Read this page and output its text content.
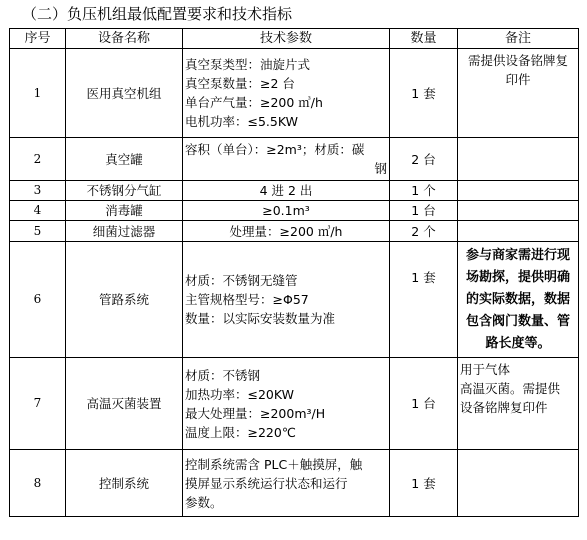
（二）负压机组最低配置要求和技术指标
序号	设备名称	技术参数	数量	备注
1	医用真空机组	真空泵类型：油旋片式
真空泵数量：≥2 台
单台产气量：≥200 ㎥/h
电机功率：≤5.5KW	1 套	需提供设备铭牌复
印件

2	真空罐	容积（单台）：≥2m³；材质：碳
钢	2 台	
3	不锈钢分气缸	4 进 2 出	1 个	
4	消毒罐	≥0.1m³	1 台	
5	细菌过滤器	处理量：≥200 ㎥/h	2 个	
6	管路系统	材质：不锈钢无缝管
主管规格型号：≥Φ57
数量：以实际安装数量为准	1 套	参与商家需进行现
场勘探，提供明确
的实际数据，数据
包含阀门数量、管
路长度等。

7	高温灭菌装置	材质：不锈钢
加热功率：≤20KW
最大处理量：≥200m³/H
温度上限：≥220℃	1 台	用于气体
高温灭菌。需提供
设备铭牌复印件

8	控制系统	控制系统需含 PLC＋触摸屏，触
摸屏显示系统运行状态和运行
参数。	1 套	
